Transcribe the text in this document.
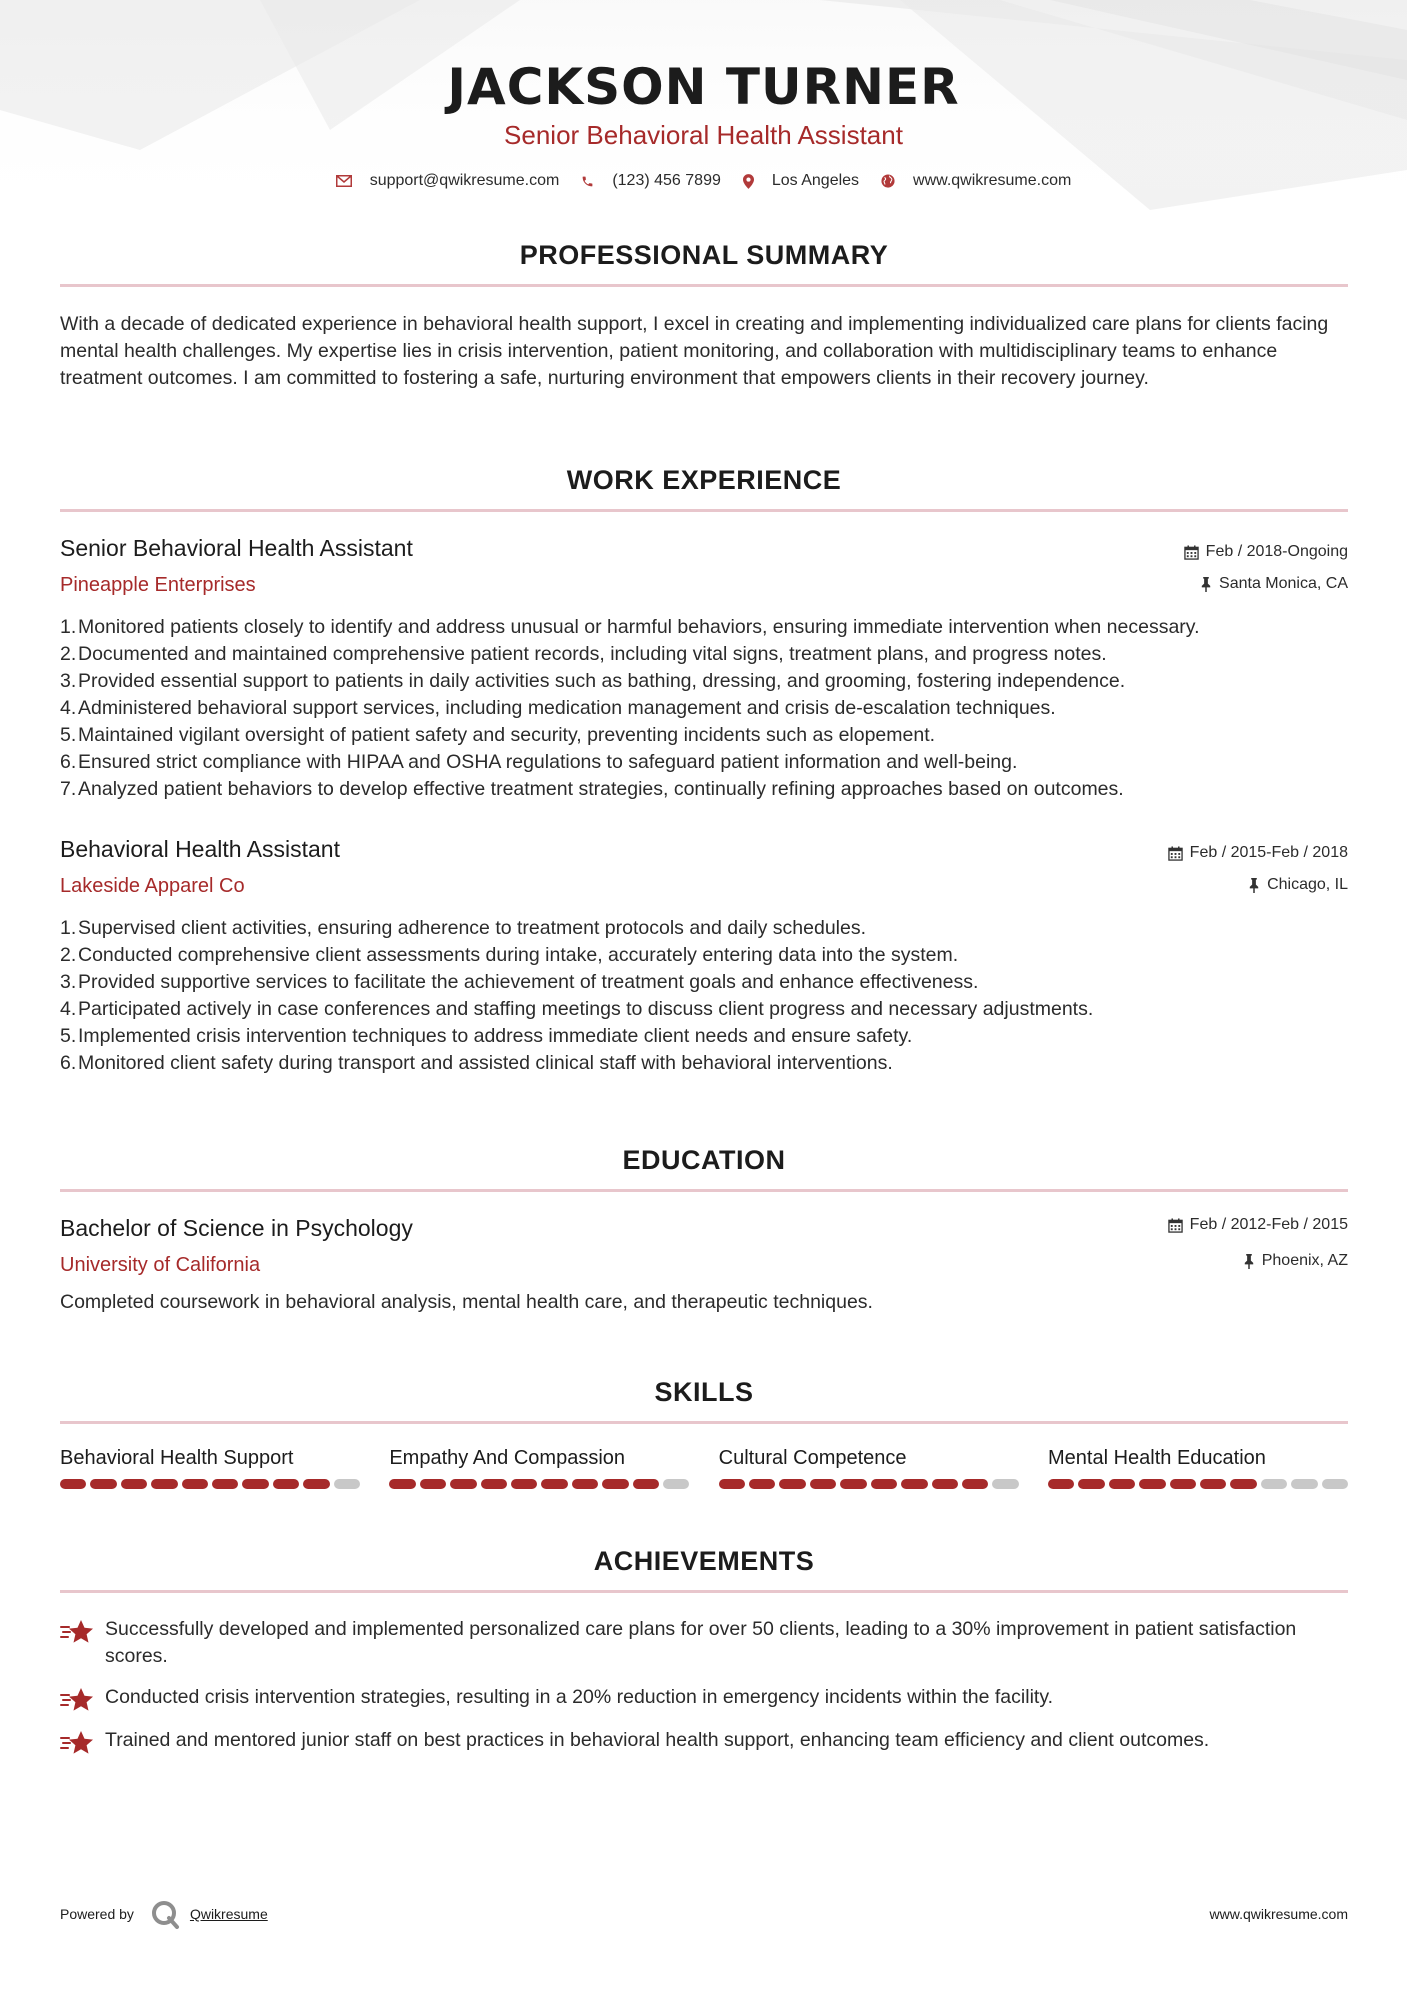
JACKSON TURNER
Senior Behavioral Health Assistant
support@qwikresume.com	(123) 456 7899	Los Angeles	www.qwikresume.com
PROFESSIONAL SUMMARY
With a decade of dedicated experience in behavioral health support, I excel in creating and implementing individualized care plans for clients facing mental health challenges. My expertise lies in crisis intervention, patient monitoring, and collaboration with multidisciplinary teams to enhance treatment outcomes. I am committed to fostering a safe, nurturing environment that empowers clients in their recovery journey.
WORK EXPERIENCE
Senior Behavioral Health Assistant	Feb / 2018-Ongoing
Pineapple Enterprises	Santa Monica, CA
1. Monitored patients closely to identify and address unusual or harmful behaviors, ensuring immediate intervention when necessary.
2. Documented and maintained comprehensive patient records, including vital signs, treatment plans, and progress notes.
3. Provided essential support to patients in daily activities such as bathing, dressing, and grooming, fostering independence.
4. Administered behavioral support services, including medication management and crisis de-escalation techniques.
5. Maintained vigilant oversight of patient safety and security, preventing incidents such as elopement.
6. Ensured strict compliance with HIPAA and OSHA regulations to safeguard patient information and well-being.
7. Analyzed patient behaviors to develop effective treatment strategies, continually refining approaches based on outcomes.
Behavioral Health Assistant	Feb / 2015-Feb / 2018
Lakeside Apparel Co	Chicago, IL
1. Supervised client activities, ensuring adherence to treatment protocols and daily schedules.
2. Conducted comprehensive client assessments during intake, accurately entering data into the system.
3. Provided supportive services to facilitate the achievement of treatment goals and enhance effectiveness.
4. Participated actively in case conferences and staffing meetings to discuss client progress and necessary adjustments.
5. Implemented crisis intervention techniques to address immediate client needs and ensure safety.
6. Monitored client safety during transport and assisted clinical staff with behavioral interventions.
EDUCATION
Bachelor of Science in Psychology	Feb / 2012-Feb / 2015
University of California	Phoenix, AZ
Completed coursework in behavioral analysis, mental health care, and therapeutic techniques.
SKILLS
Behavioral Health Support	Empathy And Compassion	Cultural Competence	Mental Health Education
ACHIEVEMENTS
Successfully developed and implemented personalized care plans for over 50 clients, leading to a 30% improvement in patient satisfaction scores.
Conducted crisis intervention strategies, resulting in a 20% reduction in emergency incidents within the facility.
Trained and mentored junior staff on best practices in behavioral health support, enhancing team efficiency and client outcomes.
Powered by	Qwikresume	www.qwikresume.com
